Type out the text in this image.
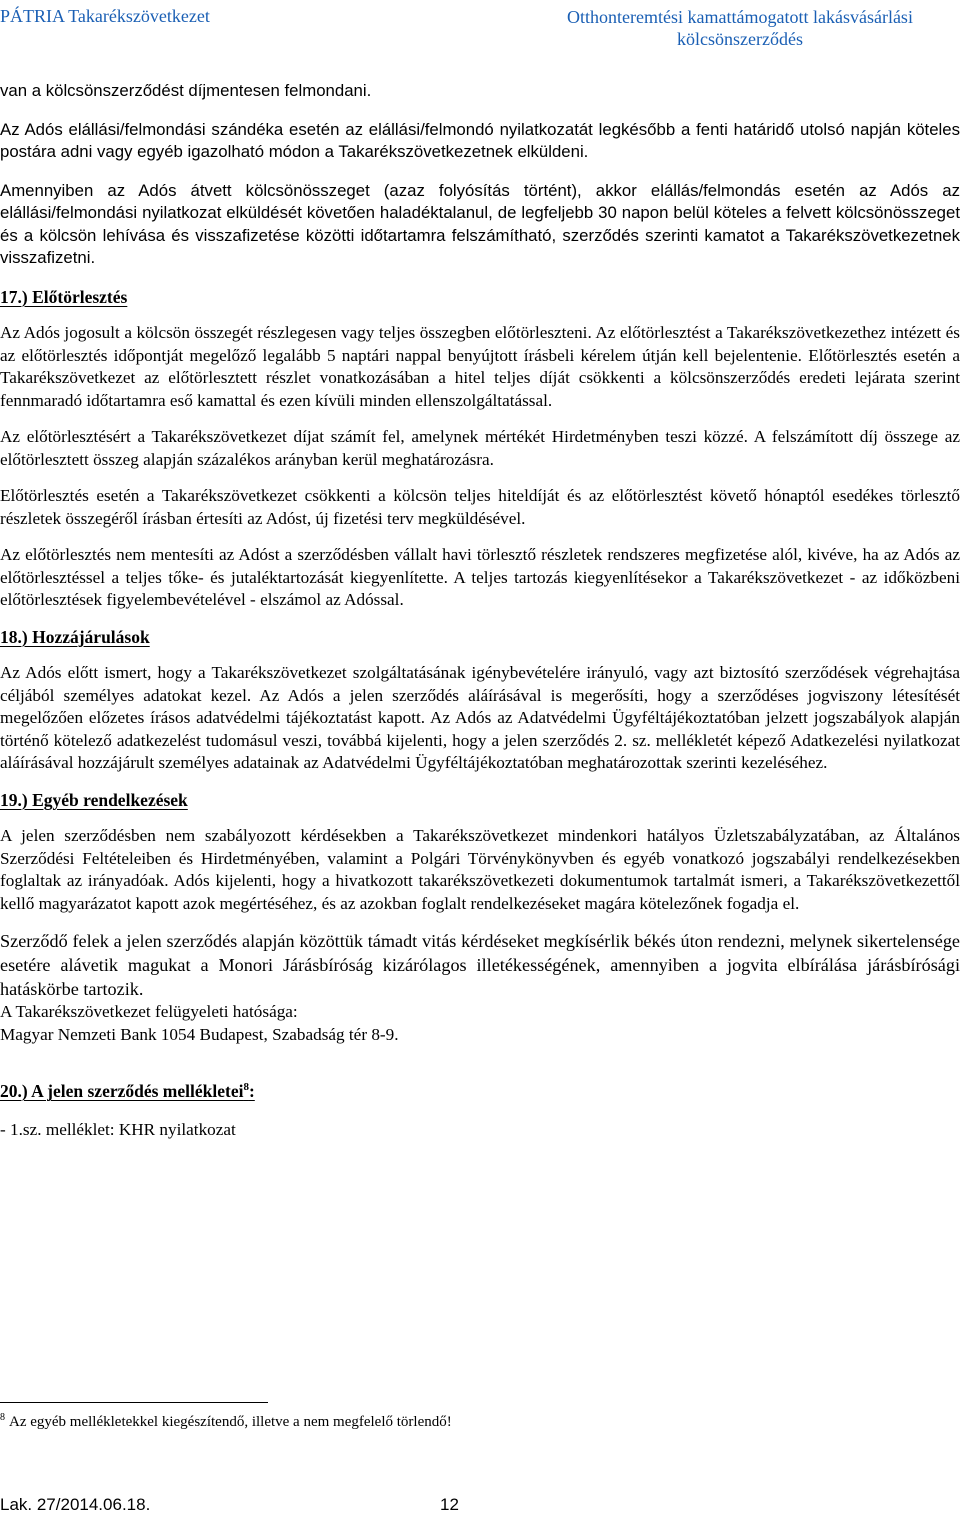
PÁTRIA Takarékszövetkezet	Otthonteremtési kamattámogatott lakásvásárlási
kölcsönszerződés

van a kölcsönszerződést díjmentesen felmondani.

Az Adós elállási/felmondási szándéka esetén az elállási/felmondó nyilatkozatát legkésőbb a fenti határidő utolsó napján köteles postára adni vagy egyéb igazolható módon a Takarékszövetkezetnek elküldeni.

Amennyiben az Adós átvett kölcsönösszeget (azaz folyósítás történt), akkor elállás/felmondás esetén az Adós az elállási/felmondási nyilatkozat elküldését követően haladéktalanul, de legfeljebb 30 napon belül köteles a felvett kölcsönösszeget és a kölcsön lehívása és visszafizetése közötti időtartamra felszámítható, szerződés szerinti kamatot a Takarékszövetkezetnek visszafizetni.

17.) Előtörlesztés

Az Adós jogosult a kölcsön összegét részlegesen vagy teljes összegben előtörleszteni. Az előtörlesztést a Takarékszövetkezethez intézett és az előtörlesztés időpontját megelőző legalább 5 naptári nappal benyújtott írásbeli kérelem útján kell bejelentenie. Előtörlesztés esetén a Takarékszövetkezet az előtörlesztett részlet vonatkozásában a hitel teljes díját csökkenti a kölcsönszerződés eredeti lejárata szerint fennmaradó időtartamra eső kamattal és ezen kívüli minden ellenszolgáltatással.

Az előtörlesztésért a Takarékszövetkezet díjat számít fel, amelynek mértékét Hirdetményben teszi közzé. A felszámított díj összege az előtörlesztett összeg alapján százalékos arányban kerül meghatározásra.

Előtörlesztés esetén a Takarékszövetkezet csökkenti a kölcsön teljes hiteldíját és az előtörlesztést követő hónaptól esedékes törlesztő részletek összegéről írásban értesíti az Adóst, új fizetési terv megküldésével.

Az előtörlesztés nem mentesíti az Adóst a szerződésben vállalt havi törlesztő részletek rendszeres megfizetése alól, kivéve, ha az Adós az előtörlesztéssel a teljes tőke- és jutaléktartozását kiegyenlítette. A teljes tartozás kiegyenlítésekor a Takarékszövetkezet - az időközbeni előtörlesztések figyelembevételével - elszámol az Adóssal.

18.) Hozzájárulások

Az Adós előtt ismert, hogy a Takarékszövetkezet szolgáltatásának igénybevételére irányuló, vagy azt biztosító szerződések végrehajtása céljából személyes adatokat kezel. Az Adós a jelen szerződés aláírásával is megerősíti, hogy a szerződéses jogviszony létesítését megelőzően előzetes írásos adatvédelmi tájékoztatást kapott. Az Adós az Adatvédelmi Ügyféltájékoztatóban jelzett jogszabályok alapján történő kötelező adatkezelést tudomásul veszi, továbbá kijelenti, hogy a jelen szerződés 2. sz. mellékletét képező Adatkezelési nyilatkozat aláírásával hozzájárult személyes adatainak az Adatvédelmi Ügyféltájékoztatóban meghatározottak szerinti kezeléséhez.

19.) Egyéb rendelkezések

A jelen szerződésben nem szabályozott kérdésekben a Takarékszövetkezet mindenkori hatályos Üzletszabályzatában, az Általános Szerződési Feltételeiben és Hirdetményében, valamint a Polgári Törvénykönyvben és egyéb vonatkozó jogszabályi rendelkezésekben foglaltak az irányadóak. Adós kijelenti, hogy a hivatkozott takarékszövetkezeti dokumentumok tartalmát ismeri, a Takarékszövetkezettől kellő magyarázatot kapott azok megértéséhez, és az azokban foglalt rendelkezéseket magára kötelezőnek fogadja el.

Szerződő felek a jelen szerződés alapján közöttük támadt vitás kérdéseket megkísérlik békés úton rendezni, melynek sikertelensége esetére alávetik magukat a Monori Járásbíróság kizárólagos illetékességének, amennyiben a jogvita elbírálása járásbírósági hatáskörbe tartozik.

A Takarékszövetkezet felügyeleti hatósága:

Magyar Nemzeti Bank 1054 Budapest, Szabadság tér 8-9.

20.) A jelen szerződés mellékletei$^8$:

- 1.sz. melléklet: KHR nyilatkozat

$^8$ Az egyéb mellékletekkel kiegészítendő, illetve a nem megfelelő törlendő!
Lak. 27/2014.06.18.	12
